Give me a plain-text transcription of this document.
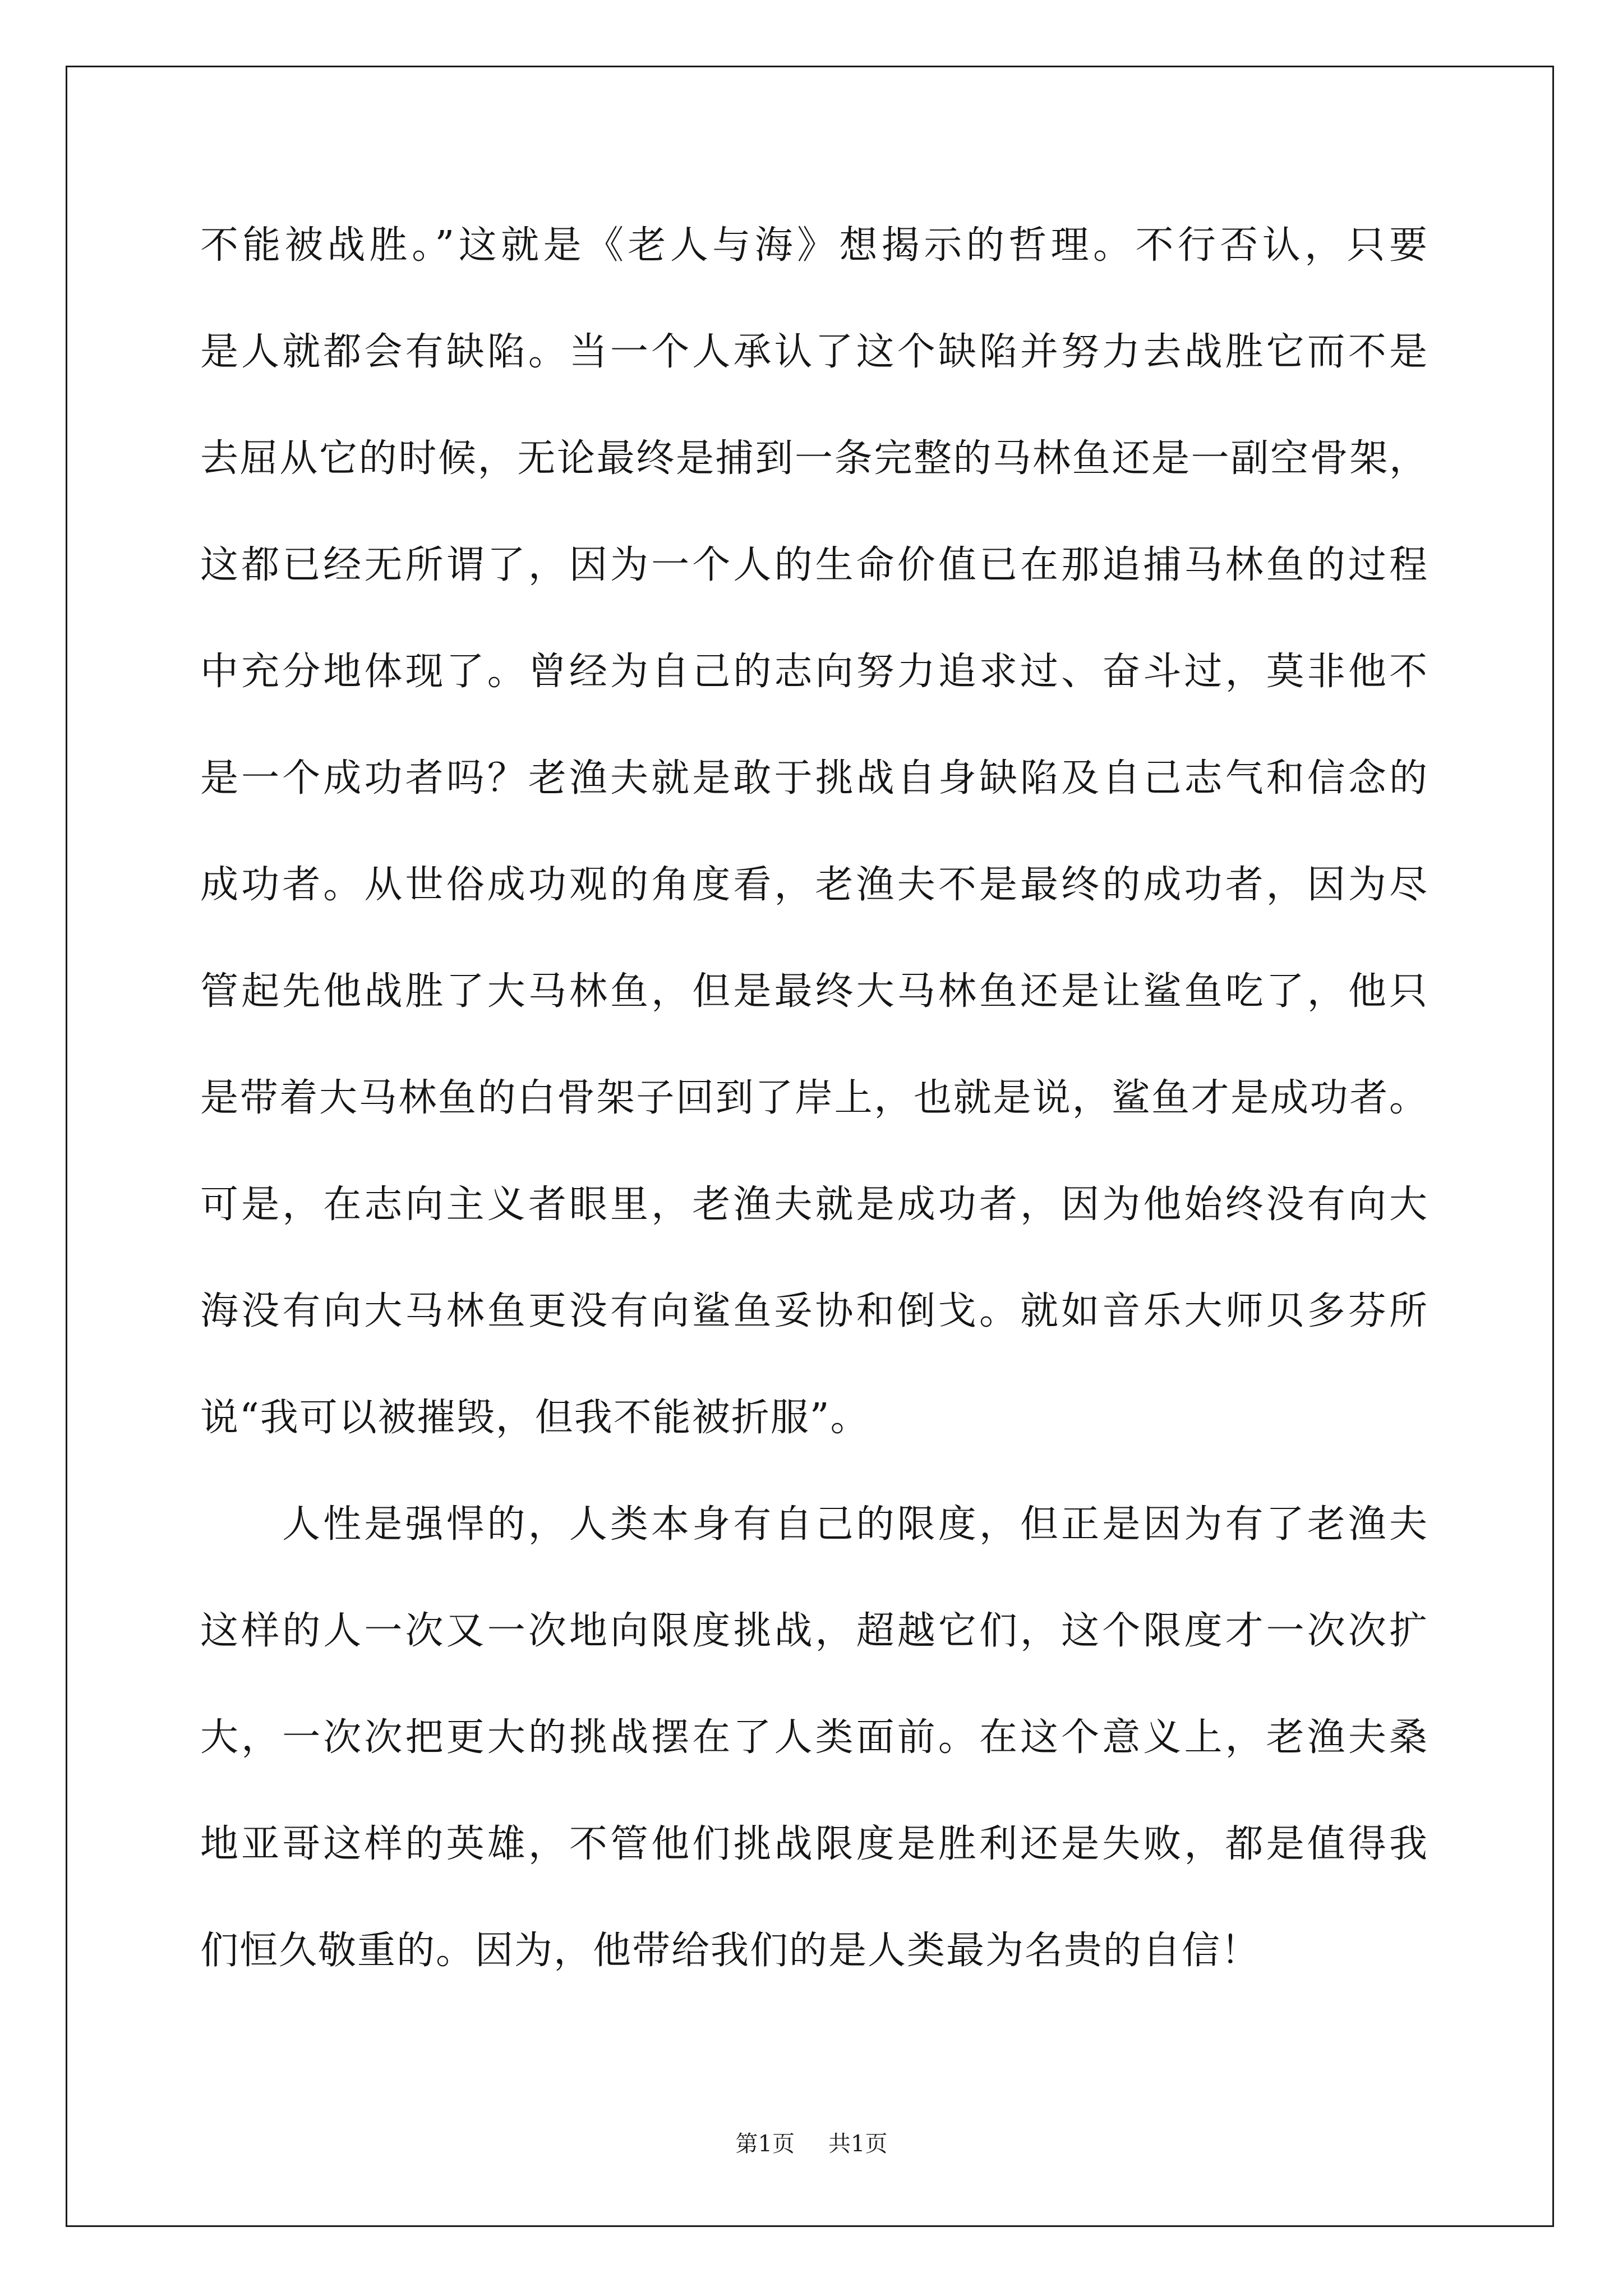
不能被战胜。”这就是《老人与海》想揭示的哲理。不行否认，只要
是人就都会有缺陷。当一个人承认了这个缺陷并努力去战胜它而不是
去屈从它的时候，无论最终是捕到一条完整的马林鱼还是一副空骨架，
这都已经无所谓了，因为一个人的生命价值已在那追捕马林鱼的过程
中充分地体现了。曾经为自己的志向努力追求过、奋斗过，莫非他不
是一个成功者吗？老渔夫就是敢于挑战自身缺陷及自己志气和信念的
成功者。从世俗成功观的角度看，老渔夫不是最终的成功者，因为尽
管起先他战胜了大马林鱼，但是最终大马林鱼还是让鲨鱼吃了，他只
是带着大马林鱼的白骨架子回到了岸上，也就是说，鲨鱼才是成功者。
可是，在志向主义者眼里，老渔夫就是成功者，因为他始终没有向大
海没有向大马林鱼更没有向鲨鱼妥协和倒戈。就如音乐大师贝多芬所
说“我可以被摧毁，但我不能被折服”。
人性是强悍的，人类本身有自己的限度，但正是因为有了老渔夫
这样的人一次又一次地向限度挑战，超越它们，这个限度才一次次扩
大，一次次把更大的挑战摆在了人类面前。在这个意义上，老渔夫桑
地亚哥这样的英雄，不管他们挑战限度是胜利还是失败，都是值得我
们恒久敬重的。因为，他带给我们的是人类最为名贵的自信！
第1页 共1页
